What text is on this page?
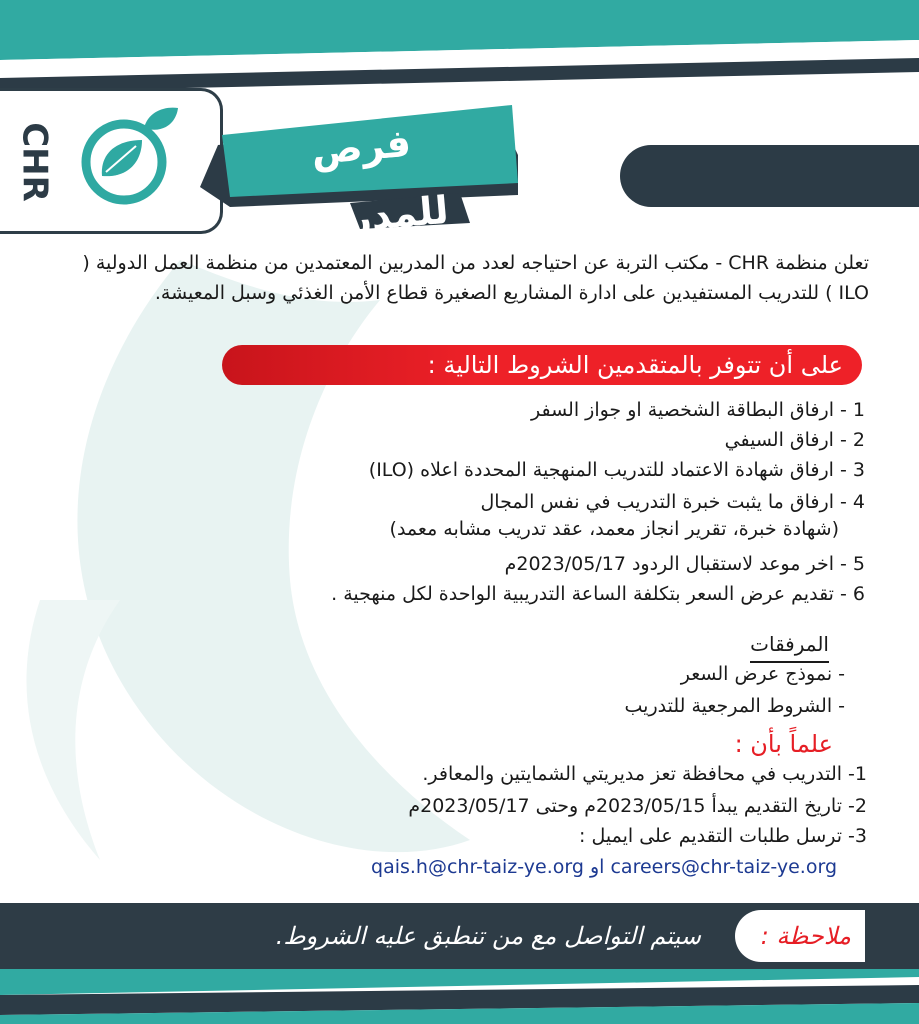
CHR	فرص للمدربين
تعلن منظمة CHR - مكتب التربة عن احتياجه لعدد من المدربين المعتمدين من منظمة العمل الدولية ( ILO ) للتدريب المستفيدين على ادارة المشاريع الصغيرة قطاع الأمن الغذئي وسبل المعيشة.
على أن تتوفر بالمتقدمين الشروط التالية :
1 - ارفاق البطاقة الشخصية او جواز السفر
2 - ارفاق السيفي
3 - ارفاق شهادة الاعتماد للتدريب المنهجية المحددة اعلاه (ILO)
4 - ارفاق ما يثبت خبرة التدريب في نفس المجال
(شهادة خبرة، تقرير انجاز معمد، عقد تدريب مشابه معمد)
5 - اخر موعد لاستقبال الردود 2023/05/17م
6 - تقديم عرض السعر بتكلفة الساعة التدريبية الواحدة لكل منهجية .
المرفقات
- نموذج عرض السعر
- الشروط المرجعية للتدريب
علماً بأن :
1- التدريب في محافظة تعز مديريتي الشمايتين والمعافر.
2- تاريخ التقديم يبدأ 2023/05/15م وحتى 2023/05/17م
3- ترسل طلبات التقديم على ايميل :
qais.h@chr-taiz-ye.org او careers@chr-taiz-ye.org
ملاحظة :
سيتم التواصل مع من تنطبق عليه الشروط.
